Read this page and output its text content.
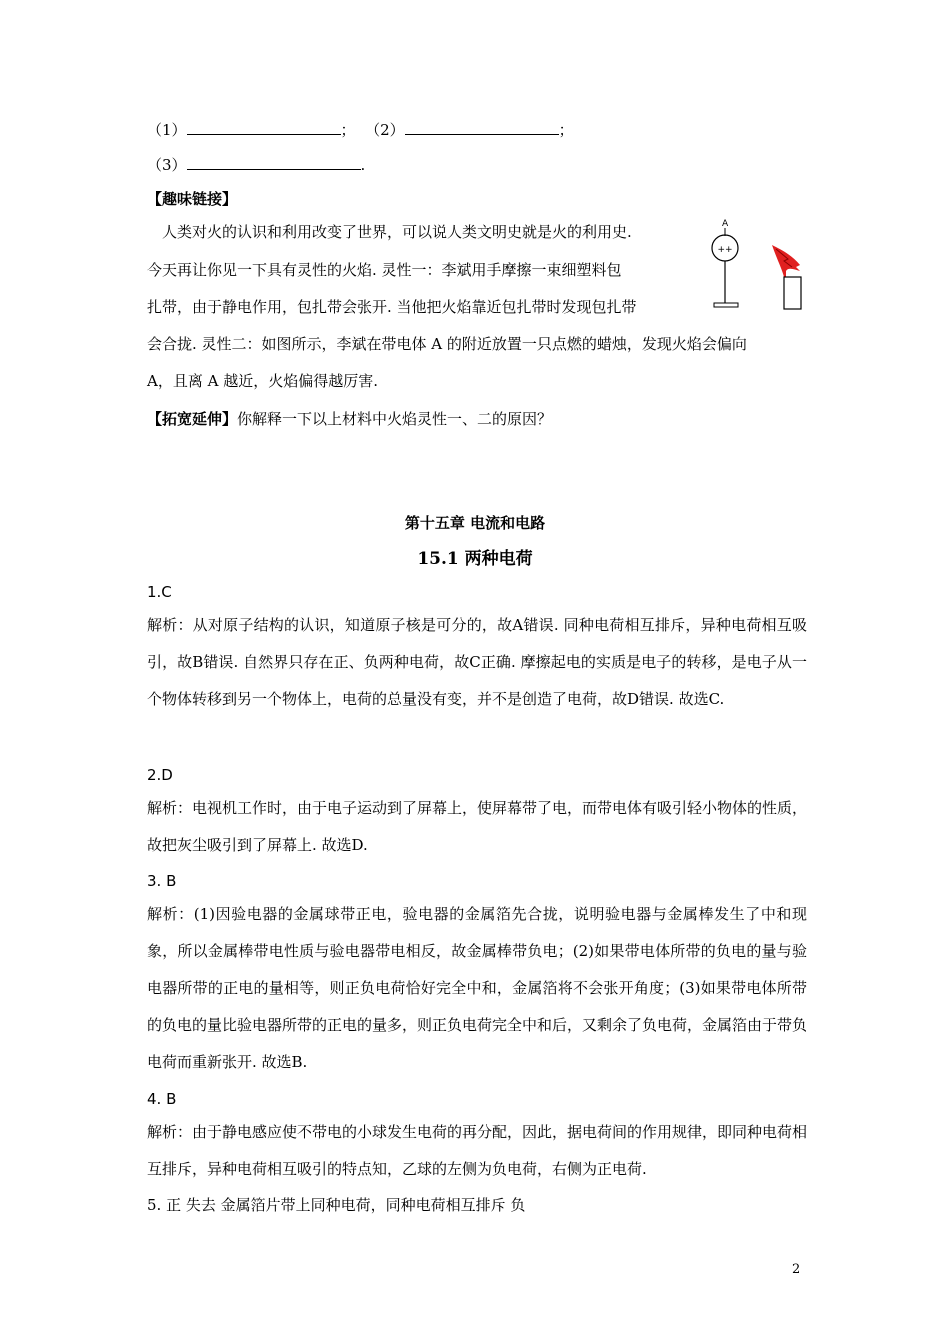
（1）	； （2）	；
（3）	.
【趣味链接】
人类对火的认识和利用改变了世界，可以说人类文明史就是火的利用史.
今天再让你见一下具有灵性的火焰. 灵性一：李斌用手摩擦一束细塑料包
扎带，由于静电作用，包扎带会张开. 当他把火焰靠近包扎带时发现包扎带
会合拢. 灵性二：如图所示，李斌在带电体 A 的附近放置一只点燃的蜡烛，发现火焰会偏向
A，且离 A 越近，火焰偏得越厉害.
A
++
【拓宽延伸】你解释一下以上材料中火焰灵性一、二的原因？
第十五章 电流和电路
15.1 两种电荷
1.C
解析：从对原子结构的认识，知道原子核是可分的，故A错误. 同种电荷相互排斥，异种电荷相互吸引，故B错误. 自然界只存在正、负两种电荷，故C正确. 摩擦起电的实质是电子的转移，是电子从一个物体转移到另一个物体上，电荷的总量没有变，并不是创造了电荷，故D错误. 故选C.
2.D
解析：电视机工作时，由于电子运动到了屏幕上，使屏幕带了电，而带电体有吸引轻小物体的性质，故把灰尘吸引到了屏幕上. 故选D.
3. B
解析：(1)因验电器的金属球带正电，验电器的金属箔先合拢，说明验电器与金属棒发生了中和现象，所以金属棒带电性质与验电器带电相反，故金属棒带负电；(2)如果带电体所带的负电的量与验电器所带的正电的量相等，则正负电荷恰好完全中和，金属箔将不会张开角度；(3)如果带电体所带的负电的量比验电器所带的正电的量多，则正负电荷完全中和后，又剩余了负电荷，金属箔由于带负电荷而重新张开. 故选B.
4. B
解析：由于静电感应使不带电的小球发生电荷的再分配，因此，据电荷间的作用规律，即同种电荷相互排斥，异种电荷相互吸引的特点知，乙球的左侧为负电荷，右侧为正电荷.
5. 正 失去 金属箔片带上同种电荷，同种电荷相互排斥 负
2
